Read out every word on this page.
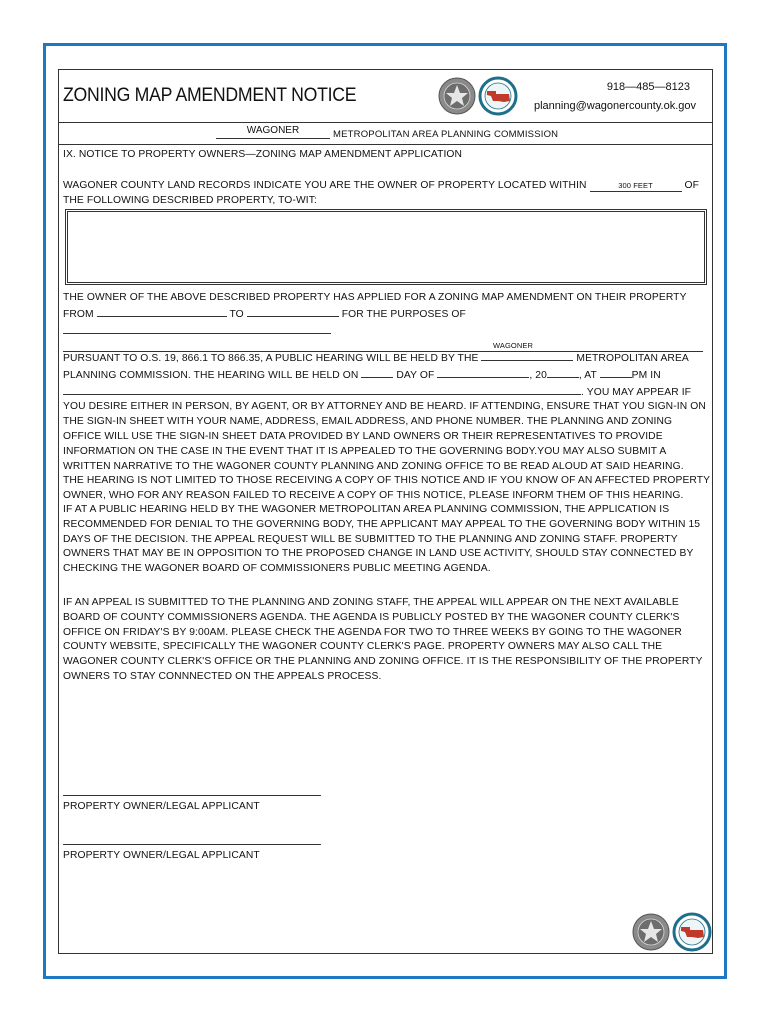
ZONING MAP AMENDMENT NOTICE	918—485—8123
planning@wagonercounty.ok.gov
WAGONER	METROPOLITAN AREA PLANNING COMMISSION
IX. NOTICE TO PROPERTY OWNERS—ZONING MAP AMENDMENT APPLICATION
WAGONER COUNTY LAND RECORDS INDICATE YOU ARE THE OWNER OF PROPERTY LOCATED WITHIN	300 FEET	OF
THE FOLLOWING DESCRIBED PROPERTY, TO-WIT:
THE OWNER OF THE ABOVE DESCRIBED PROPERTY HAS APPLIED FOR A ZONING MAP AMENDMENT ON THEIR PROPERTY
FROM	TO	FOR THE PURPOSES OF
WAGONER
PURSUANT TO O.S. 19, 866.1 TO 866.35, A PUBLIC HEARING WILL BE HELD BY THE	METROPOLITAN AREA
PLANNING COMMISSION. THE HEARING WILL BE HELD ON	DAY OF	, 20	, AT	PM IN
. YOU MAY APPEAR IF
YOU DESIRE EITHER IN PERSON, BY AGENT, OR BY ATTORNEY AND BE HEARD. IF ATTENDING, ENSURE THAT YOU SIGN-IN ON
THE SIGN-IN SHEET WITH YOUR NAME, ADDRESS, EMAIL ADDRESS, AND PHONE NUMBER. THE PLANNING AND ZONING
OFFICE WILL USE THE SIGN-IN SHEET DATA PROVIDED BY LAND OWNERS OR THEIR REPRESENTATIVES TO PROVIDE
INFORMATION ON THE CASE IN THE EVENT THAT IT IS APPEALED TO THE GOVERNING BODY.YOU MAY ALSO SUBMIT A
WRITTEN NARRATIVE TO THE WAGONER COUNTY PLANNING AND ZONING OFFICE TO BE READ ALOUD AT SAID HEARING.
THE HEARING IS NOT LIMITED TO THOSE RECEIVING A COPY OF THIS NOTICE AND IF YOU KNOW OF AN AFFECTED PROPERTY
OWNER, WHO FOR ANY REASON FAILED TO RECEIVE A COPY OF THIS NOTICE, PLEASE INFORM THEM OF THIS HEARING.
IF AT A PUBLIC HEARING HELD BY THE WAGONER METROPOLITAN AREA PLANNING COMMISSION, THE APPLICATION IS
RECOMMENDED FOR DENIAL TO THE GOVERNING BODY, THE APPLICANT MAY APPEAL TO THE GOVERNING BODY WITHIN 15
DAYS OF THE DECISION. THE APPEAL REQUEST WILL BE SUBMITTED TO THE PLANNING AND ZONING STAFF. PROPERTY
OWNERS THAT MAY BE IN OPPOSITION TO THE PROPOSED CHANGE IN LAND USE ACTIVITY, SHOULD STAY CONNECTED BY
CHECKING THE WAGONER BOARD OF COMMISSIONERS PUBLIC MEETING AGENDA.
IF AN APPEAL IS SUBMITTED TO THE PLANNING AND ZONING STAFF, THE APPEAL WILL APPEAR ON THE NEXT AVAILABLE
BOARD OF COUNTY COMMISSIONERS AGENDA. THE AGENDA IS PUBLICLY POSTED BY THE WAGONER COUNTY CLERK'S
OFFICE ON FRIDAY'S BY 9:00AM. PLEASE CHECK THE AGENDA FOR TWO TO THREE WEEKS BY GOING TO THE WAGONER
COUNTY WEBSITE, SPECIFICALLY THE WAGONER COUNTY CLERK'S PAGE. PROPERTY OWNERS MAY ALSO CALL THE
WAGONER COUNTY CLERK'S OFFICE OR THE PLANNING AND ZONING OFFICE. IT IS THE RESPONSIBILITY OF THE PROPERTY
OWNERS TO STAY CONNNECTED ON THE APPEALS PROCESS.
PROPERTY OWNER/LEGAL APPLICANT
PROPERTY OWNER/LEGAL APPLICANT
